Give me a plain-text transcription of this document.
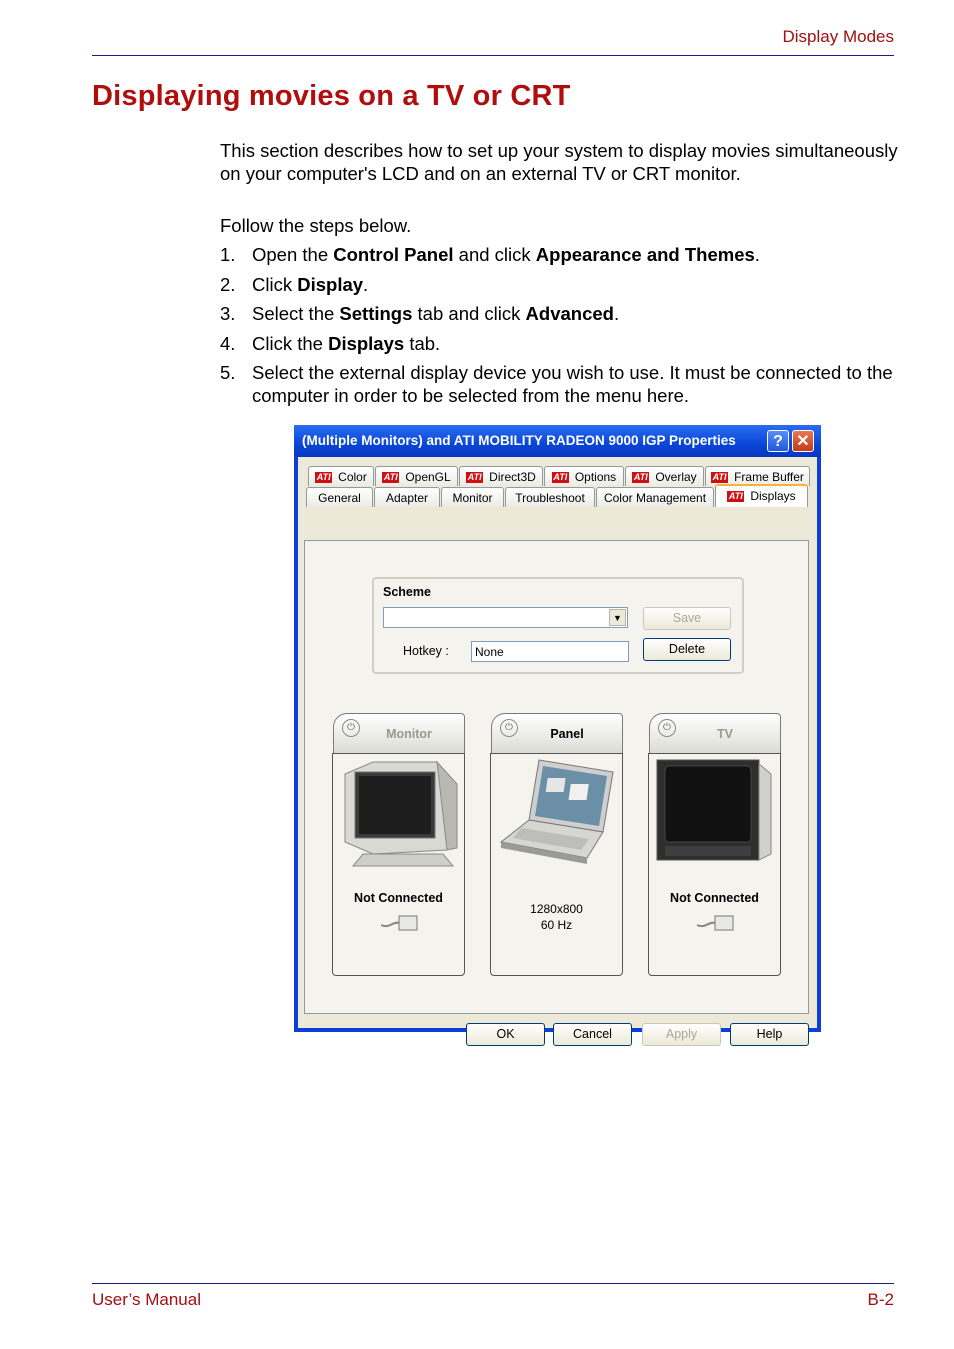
Display Modes
Displaying movies on a TV or CRT
This section describes how to set up your system to display movies simultaneously on your computer's LCD and on an external TV or CRT monitor.
Follow the steps below.
1. Open the Control Panel and click Appearance and Themes.
2. Click Display.
3. Select the Settings tab and click Advanced.
4. Click the Displays tab.
5. Select the external display device you wish to use. It must be connected to the computer in order to be selected from the menu here.
(Multiple Monitors) and ATI MOBILITY RADEON 9000 IGP Properties	? ✕
ATI Color	ATI OpenGL	ATI Direct3D	ATI Options	ATI Overlay	ATI Frame Buffer
General	Adapter	Monitor	Troubleshoot	Color Management	ATI Displays
Scheme
▼
Hotkey :	None
Save
Delete
⏻	Monitor
Not Connected
⏻	Panel
1280x800
60 Hz
⏻	TV
Not Connected
OK	Cancel	Apply	Help
User’s Manual	B-2
